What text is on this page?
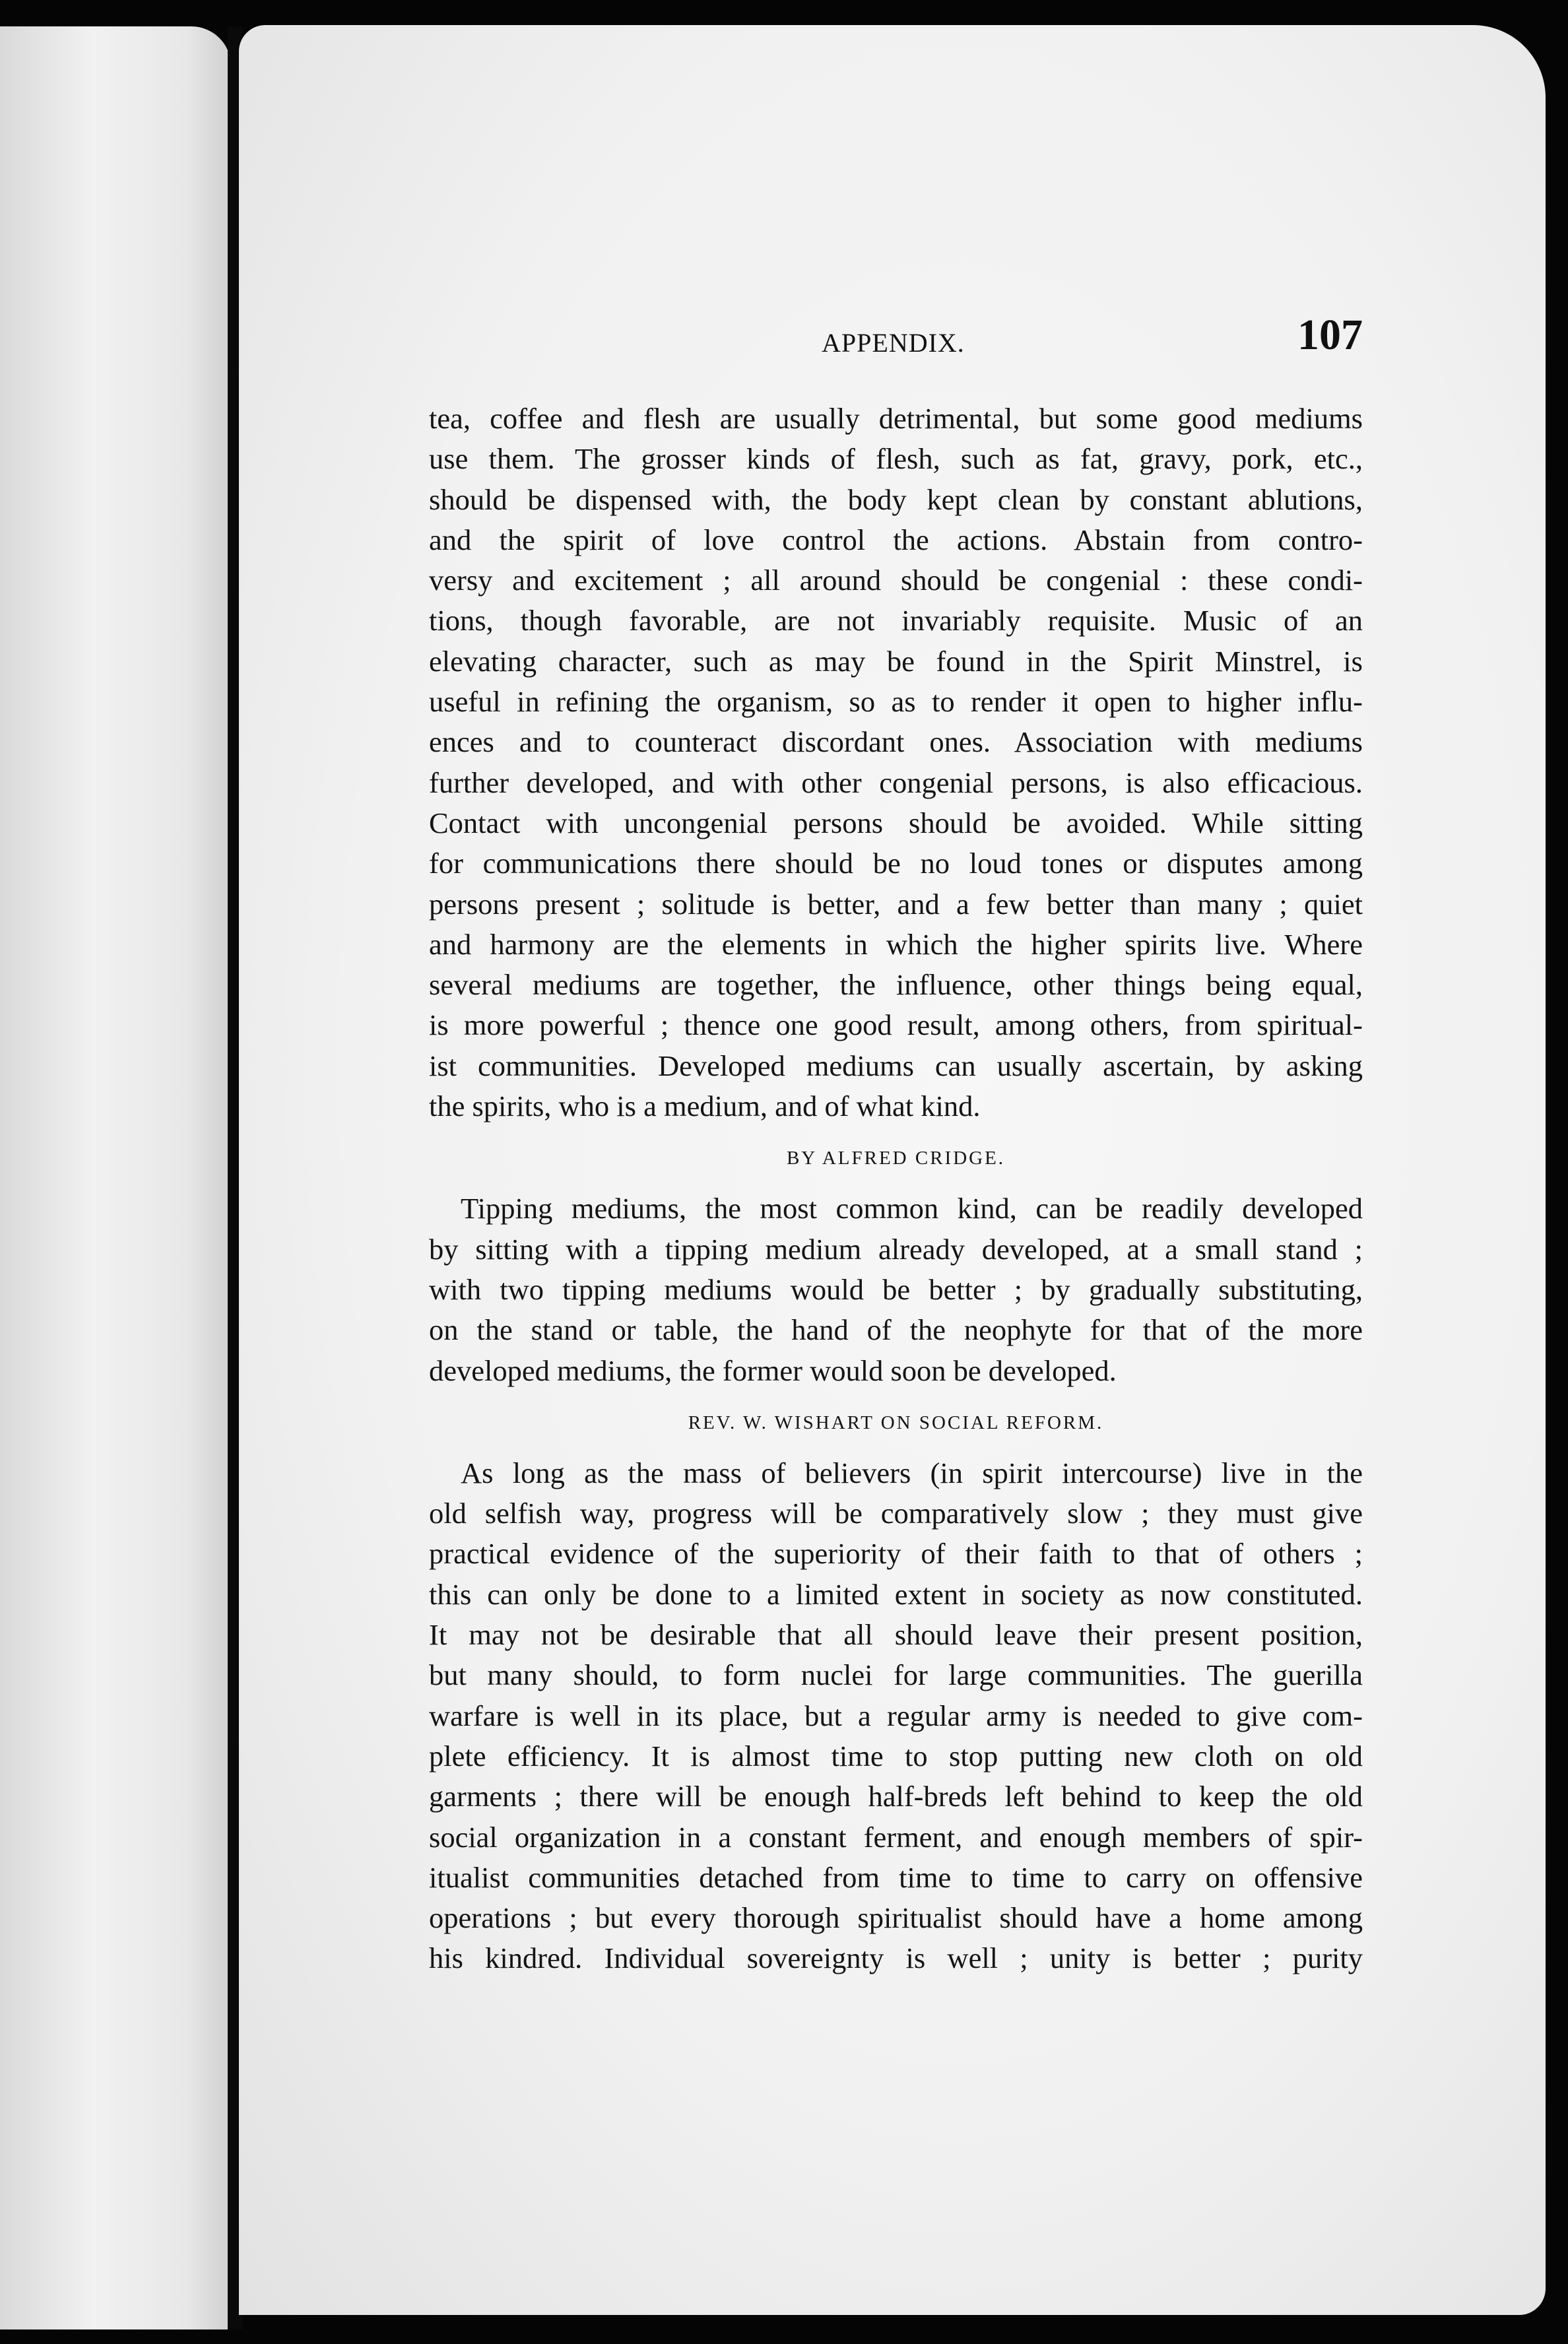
APPENDIX.	107

tea, coffee and flesh are usually detrimental, but some good mediums
use them. The grosser kinds of flesh, such as fat, gravy, pork, etc.,
should be dispensed with, the body kept clean by constant ablutions,
and the spirit of love control the actions. Abstain from contro-
versy and excitement ; all around should be congenial : these condi-
tions, though favorable, are not invariably requisite. Music of an
elevating character, such as may be found in the Spirit Minstrel, is
useful in refining the organism, so as to render it open to higher influ-
ences and to counteract discordant ones. Association with mediums
further developed, and with other congenial persons, is also efficacious.
Contact with uncongenial persons should be avoided. While sitting
for communications there should be no loud tones or disputes among
persons present ; solitude is better, and a few better than many ; quiet
and harmony are the elements in which the higher spirits live. Where
several mediums are together, the influence, other things being equal,
is more powerful ; thence one good result, among others, from spiritual-
ist communities. Developed mediums can usually ascertain, by asking
the spirits, who is a medium, and of what kind.

BY ALFRED CRIDGE.

Tipping mediums, the most common kind, can be readily developed
by sitting with a tipping medium already developed, at a small stand ;
with two tipping mediums would be better ; by gradually substituting,
on the stand or table, the hand of the neophyte for that of the more
developed mediums, the former would soon be developed.

REV. W. WISHART ON SOCIAL REFORM.

As long as the mass of believers (in spirit intercourse) live in the
old selfish way, progress will be comparatively slow ; they must give
practical evidence of the superiority of their faith to that of others ;
this can only be done to a limited extent in society as now constituted.
It may not be desirable that all should leave their present position,
but many should, to form nuclei for large communities. The guerilla
warfare is well in its place, but a regular army is needed to give com-
plete efficiency. It is almost time to stop putting new cloth on old
garments ; there will be enough half-breds left behind to keep the old
social organization in a constant ferment, and enough members of spir-
itualist communities detached from time to time to carry on offensive
operations ; but every thorough spiritualist should have a home among
his kindred. Individual sovereignty is well ; unity is better ; purity
